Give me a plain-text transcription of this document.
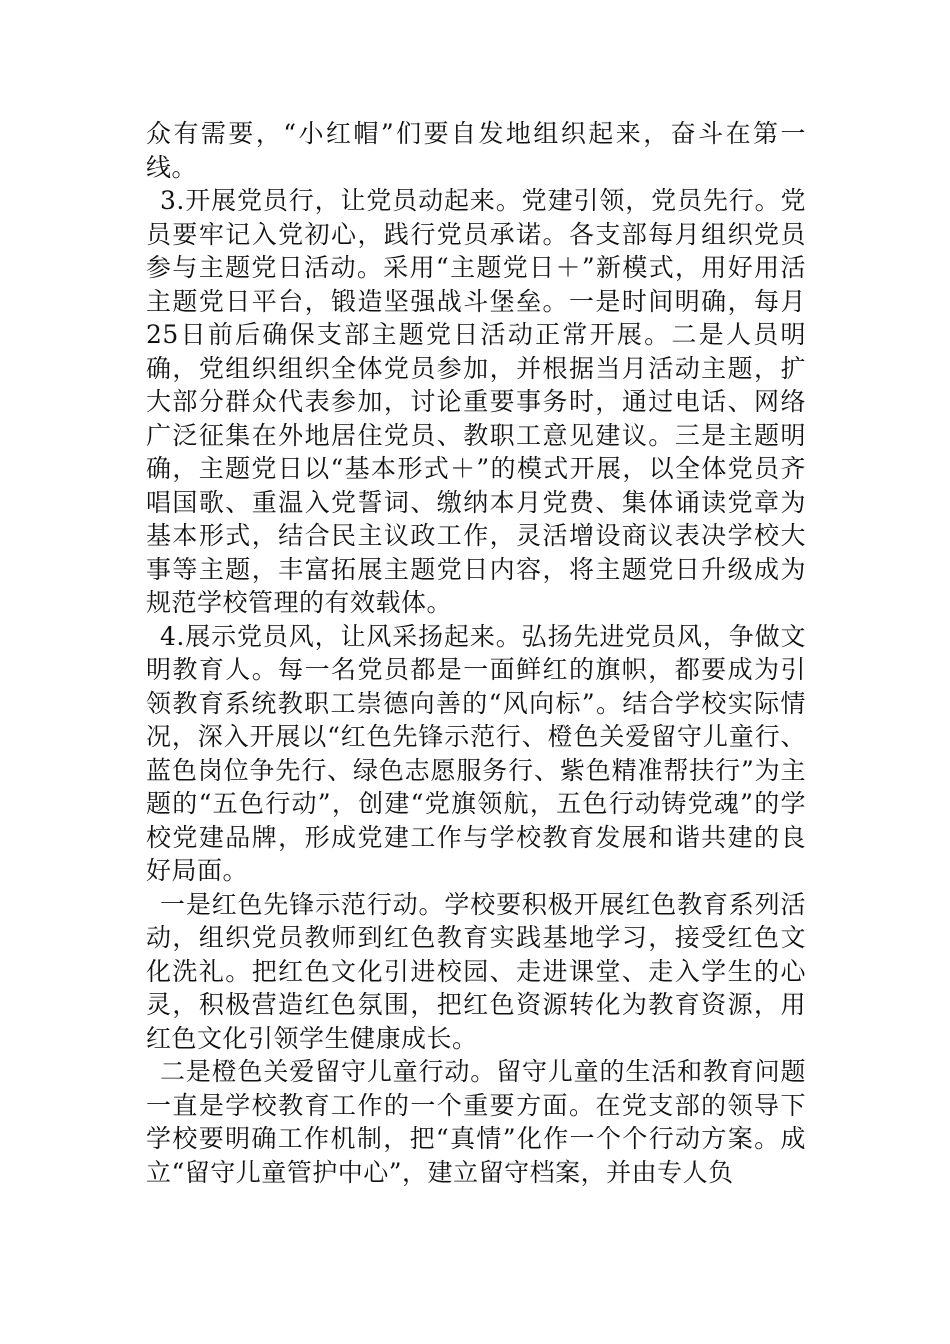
众有需要，“小红帽”们要自发地组织起来，奋斗在第一线。

3.开展党员行，让党员动起来。党建引领，党员先行。党员要牢记入党初心，践行党员承诺。各支部每月组织党员参与主题党日活动。采用“主题党日＋”新模式，用好用活主题党日平台，锻造坚强战斗堡垒。一是时间明确，每月25日前后确保支部主题党日活动正常开展。二是人员明确，党组织组织全体党员参加，并根据当月活动主题，扩大部分群众代表参加，讨论重要事务时，通过电话、网络广泛征集在外地居住党员、教职工意见建议。三是主题明确，主题党日以“基本形式＋”的模式开展，以全体党员齐唱国歌、重温入党誓词、缴纳本月党费、集体诵读党章为基本形式，结合民主议政工作，灵活增设商议表决学校大事等主题，丰富拓展主题党日内容，将主题党日升级成为规范学校管理的有效载体。

4.展示党员风，让风采扬起来。弘扬先进党员风，争做文明教育人。每一名党员都是一面鲜红的旗帜，都要成为引领教育系统教职工崇德向善的“风向标”。结合学校实际情况，深入开展以“红色先锋示范行、橙色关爱留守儿童行、蓝色岗位争先行、绿色志愿服务行、紫色精准帮扶行”为主题的“五色行动”，创建“党旗领航，五色行动铸党魂”的学校党建品牌，形成党建工作与学校教育发展和谐共建的良好局面。

一是红色先锋示范行动。学校要积极开展红色教育系列活动，组织党员教师到红色教育实践基地学习，接受红色文化洗礼。把红色文化引进校园、走进课堂、走入学生的心灵，积极营造红色氛围，把红色资源转化为教育资源，用红色文化引领学生健康成长。

二是橙色关爱留守儿童行动。留守儿童的生活和教育问题一直是学校教育工作的一个重要方面。在党支部的领导下学校要明确工作机制，把“真情”化作一个个行动方案。成立“留守儿童管护中心”，建立留守档案，并由专人负
